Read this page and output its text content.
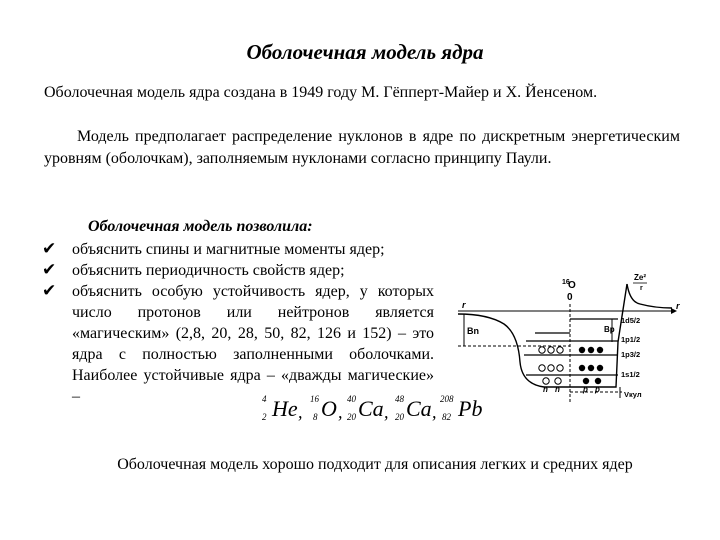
Оболочечная модель ядра
Оболочечная модель ядра создана в 1949 году М. Гёпперт-Майер и Х. Йенсеном.
Модель предполагает распределение нуклонов в ядре по дискретным энергетическим уровням (оболочкам), заполняемым нуклонами согласно принципу Паули.
Оболочечная модель позволила:
✔ объяснить спины и магнитные моменты ядер;
✔ объяснить периодичность свойств ядер;
✔ объяснить особую устойчивость ядер, у которых число протонов или нейтронов является «магическим» (2,8, 20, 28, 50, 82, 126 и 152) – это ядра с полностью заполненными оболочками. Наиболее устойчивые ядра – «дважды магические» –	4
2 He ,
16
8 O ,
40
20 Ca ,
48
20 Ca ,
208
82 Pb
16
O
0
r	r
Ze²
r
Bn	Bp
n n	p p
1d5/2
1p1/2
1p3/2
1s1/2
Vкул
Оболочечная модель хорошо подходит для описания легких и средних ядер
